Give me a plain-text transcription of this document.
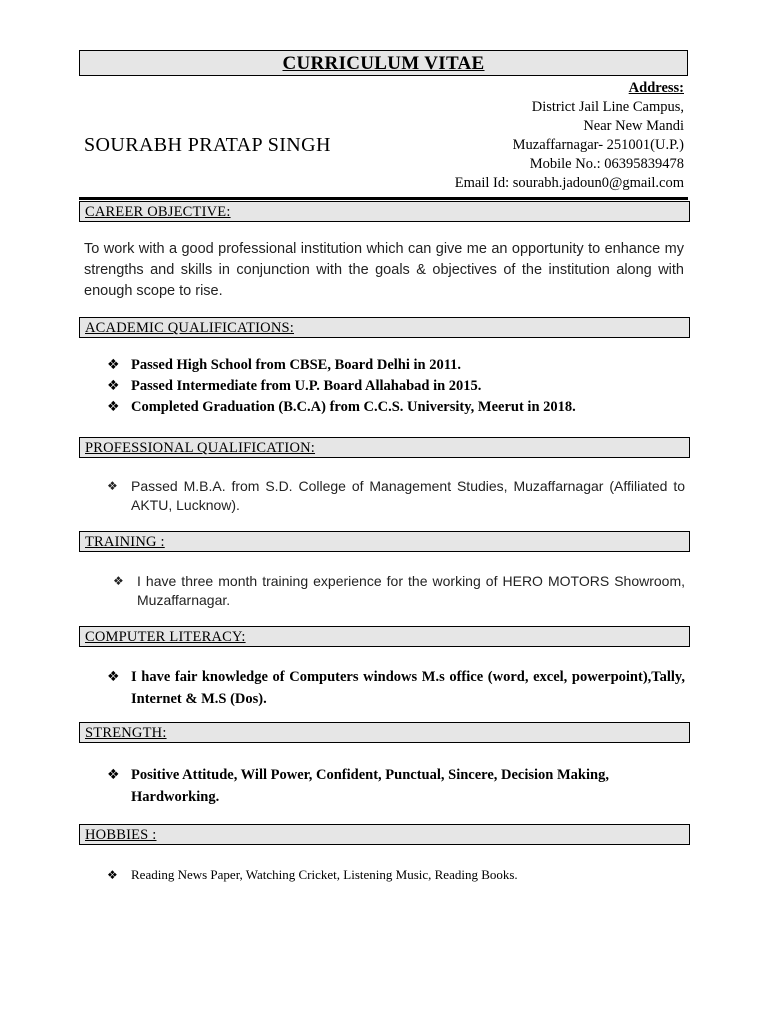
CURRICULUM VITAE
Address:
District Jail Line Campus,
Near New Mandi
Muzaffarnagar- 251001(U.P.)
Mobile No.: 06395839478
Email Id: sourabh.jadoun0@gmail.com
SOURABH PRATAP SINGH
CAREER OBJECTIVE:
To work with a good professional institution which can give me an opportunity to enhance my strengths and skills in conjunction with the goals & objectives of the institution along with enough scope to rise.
ACADEMIC QUALIFICATIONS:
❖ Passed High School from CBSE, Board Delhi in 2011.
❖ Passed Intermediate from U.P. Board Allahabad in 2015.
❖ Completed Graduation (B.C.A) from C.C.S. University, Meerut in 2018.
PROFESSIONAL QUALIFICATION:
❖ Passed M.B.A. from S.D. College of Management Studies, Muzaffarnagar (Affiliated to AKTU, Lucknow).
TRAINING :
❖ I have three month training experience for the working of HERO MOTORS Showroom, Muzaffarnagar.
COMPUTER LITERACY:
❖ I have fair knowledge of Computers windows M.s office (word, excel, powerpoint),Tally, Internet & M.S (Dos).
STRENGTH:
❖ Positive Attitude, Will Power, Confident, Punctual, Sincere, Decision Making, Hardworking.
HOBBIES :
❖ Reading News Paper, Watching Cricket, Listening Music, Reading Books.
